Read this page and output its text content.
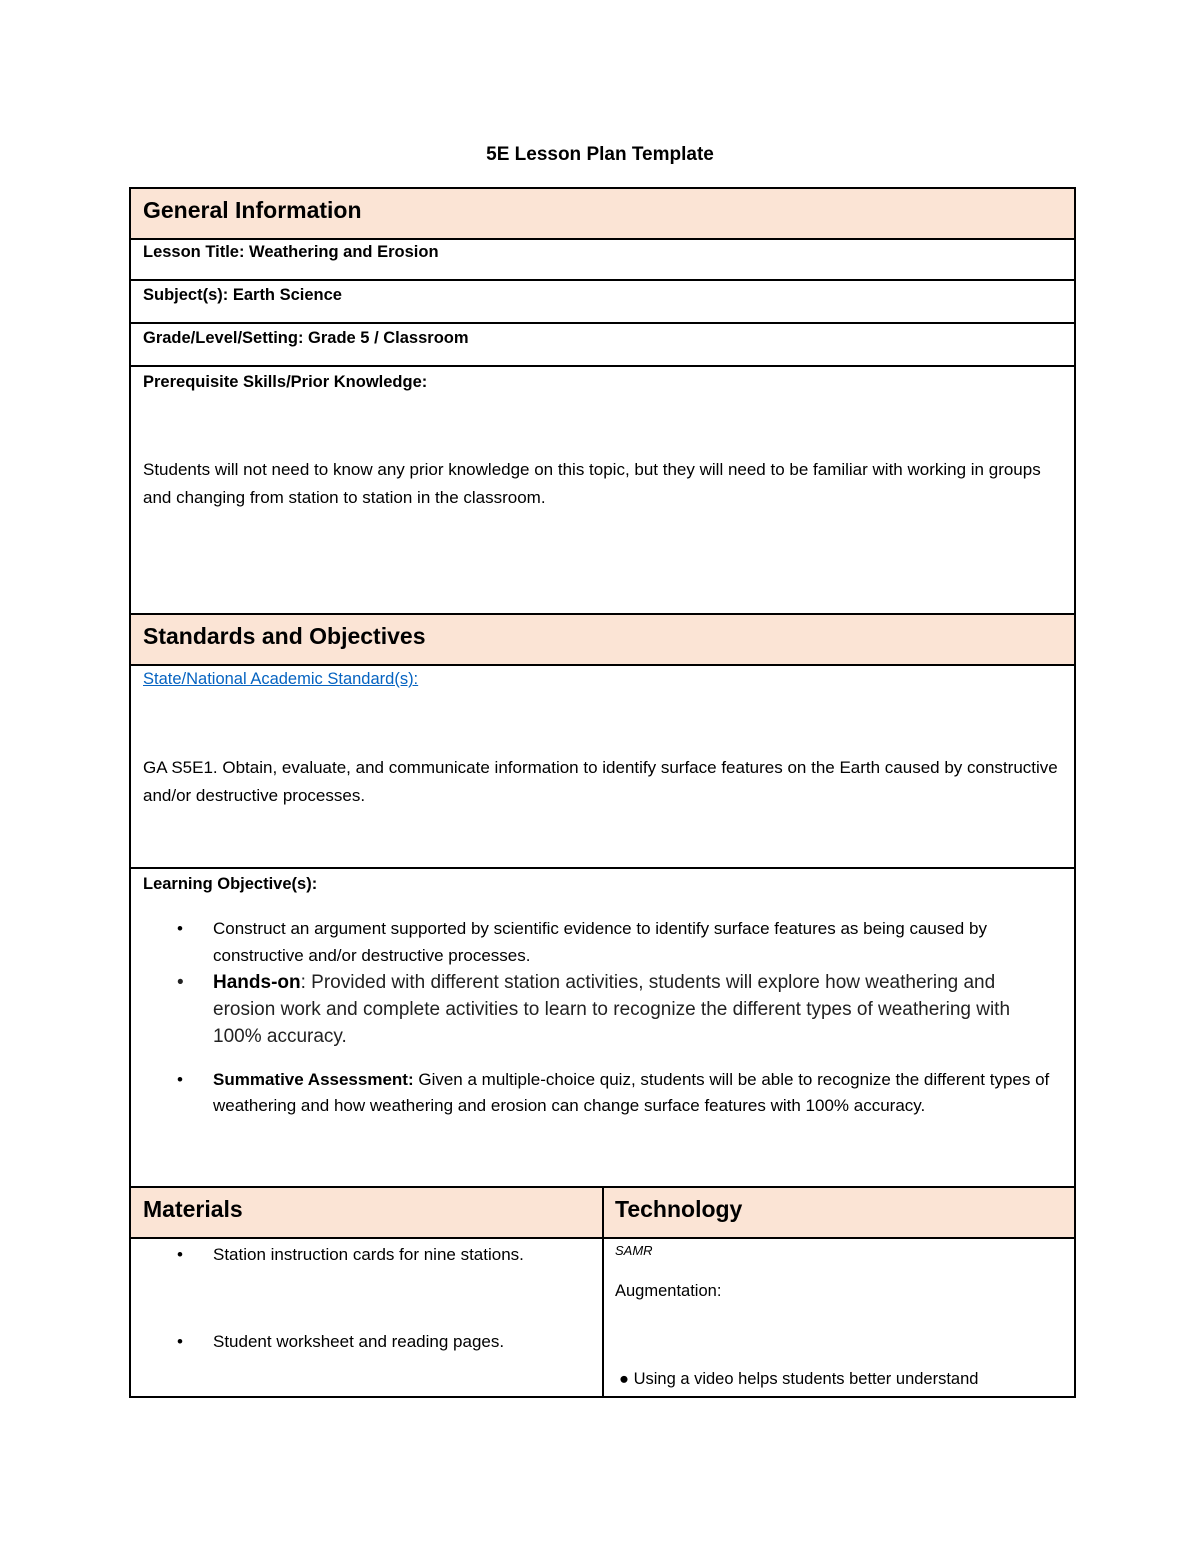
5E Lesson Plan Template
General Information
Lesson Title: Weathering and Erosion
Subject(s): Earth Science
Grade/Level/Setting: Grade 5 / Classroom
Prerequisite Skills/Prior Knowledge:
Students will not need to know any prior knowledge on this topic, but they will need to be familiar with working in groups and changing from station to station in the classroom.
Standards and Objectives
State/National Academic Standard(s):
GA S5E1. Obtain, evaluate, and communicate information to identify surface features on the Earth caused by constructive and/or destructive processes.
Learning Objective(s):
• Construct an argument supported by scientific evidence to identify surface features as being caused by constructive and/or destructive processes.
• Hands-on: Provided with different station activities, students will explore how weathering and erosion work and complete activities to learn to recognize the different types of weathering with 100% accuracy.
• Summative Assessment: Given a multiple-choice quiz, students will be able to recognize the different types of weathering and how weathering and erosion can change surface features with 100% accuracy.
Materials	Technology
• Station instruction cards for nine stations.
• Student worksheet and reading pages.
SAMR
Augmentation:
● Using a video helps students better understand
